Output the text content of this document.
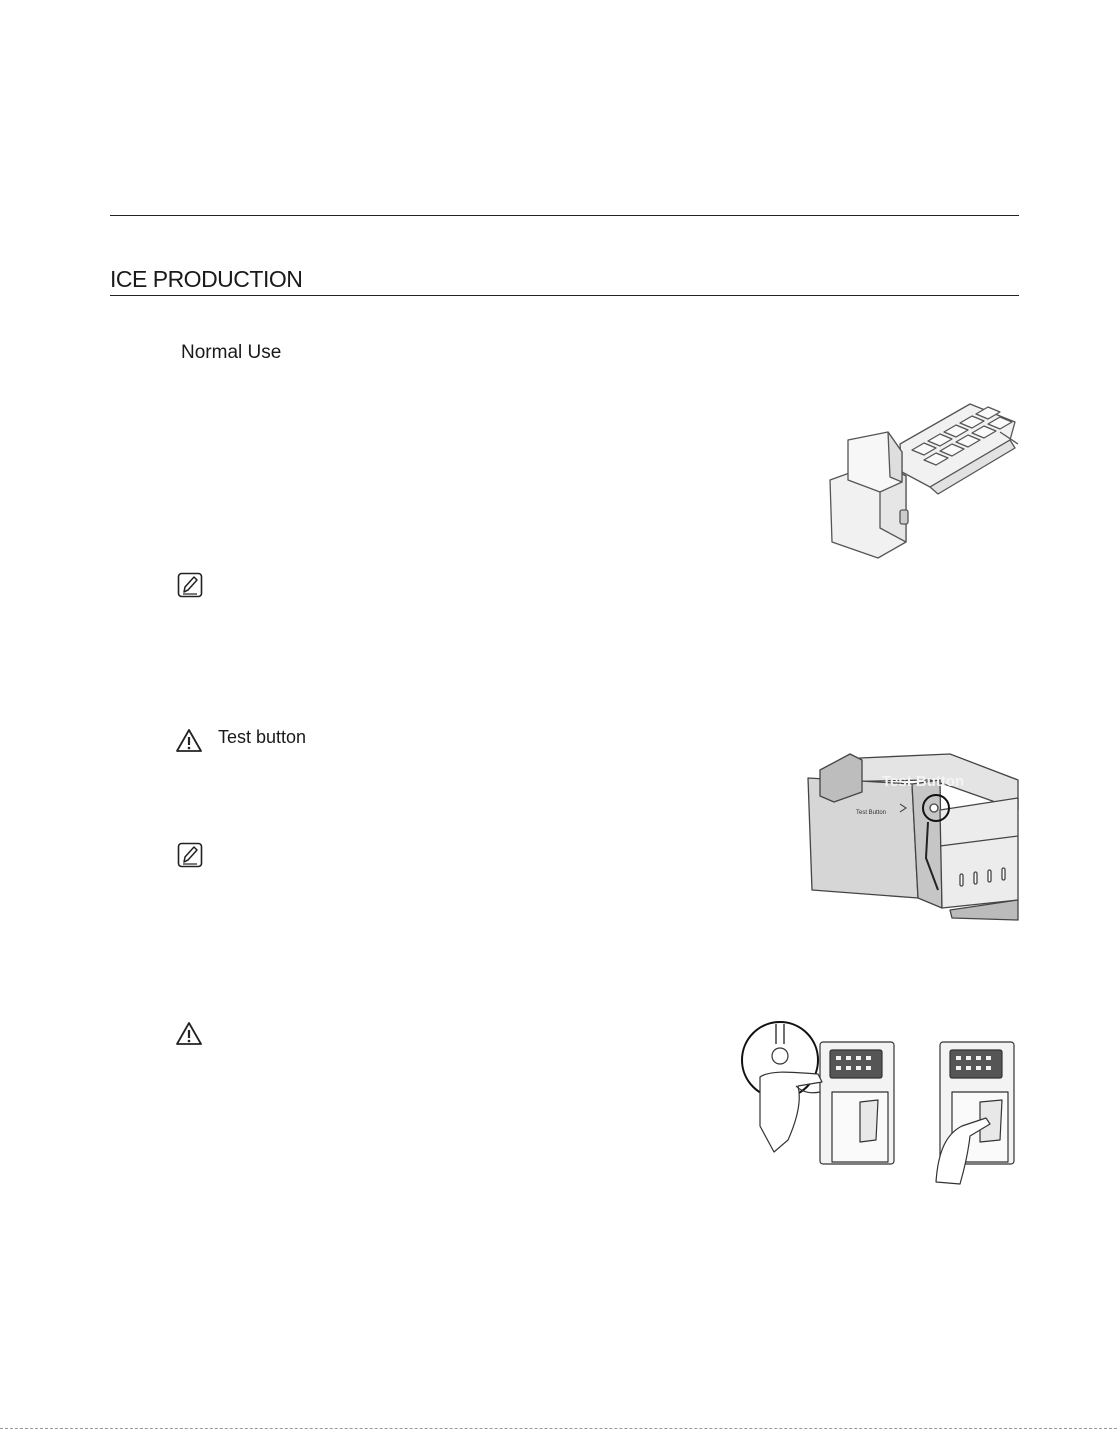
ICE PRODUCTION
Normal Use
Test button
Test Button
Test Button
